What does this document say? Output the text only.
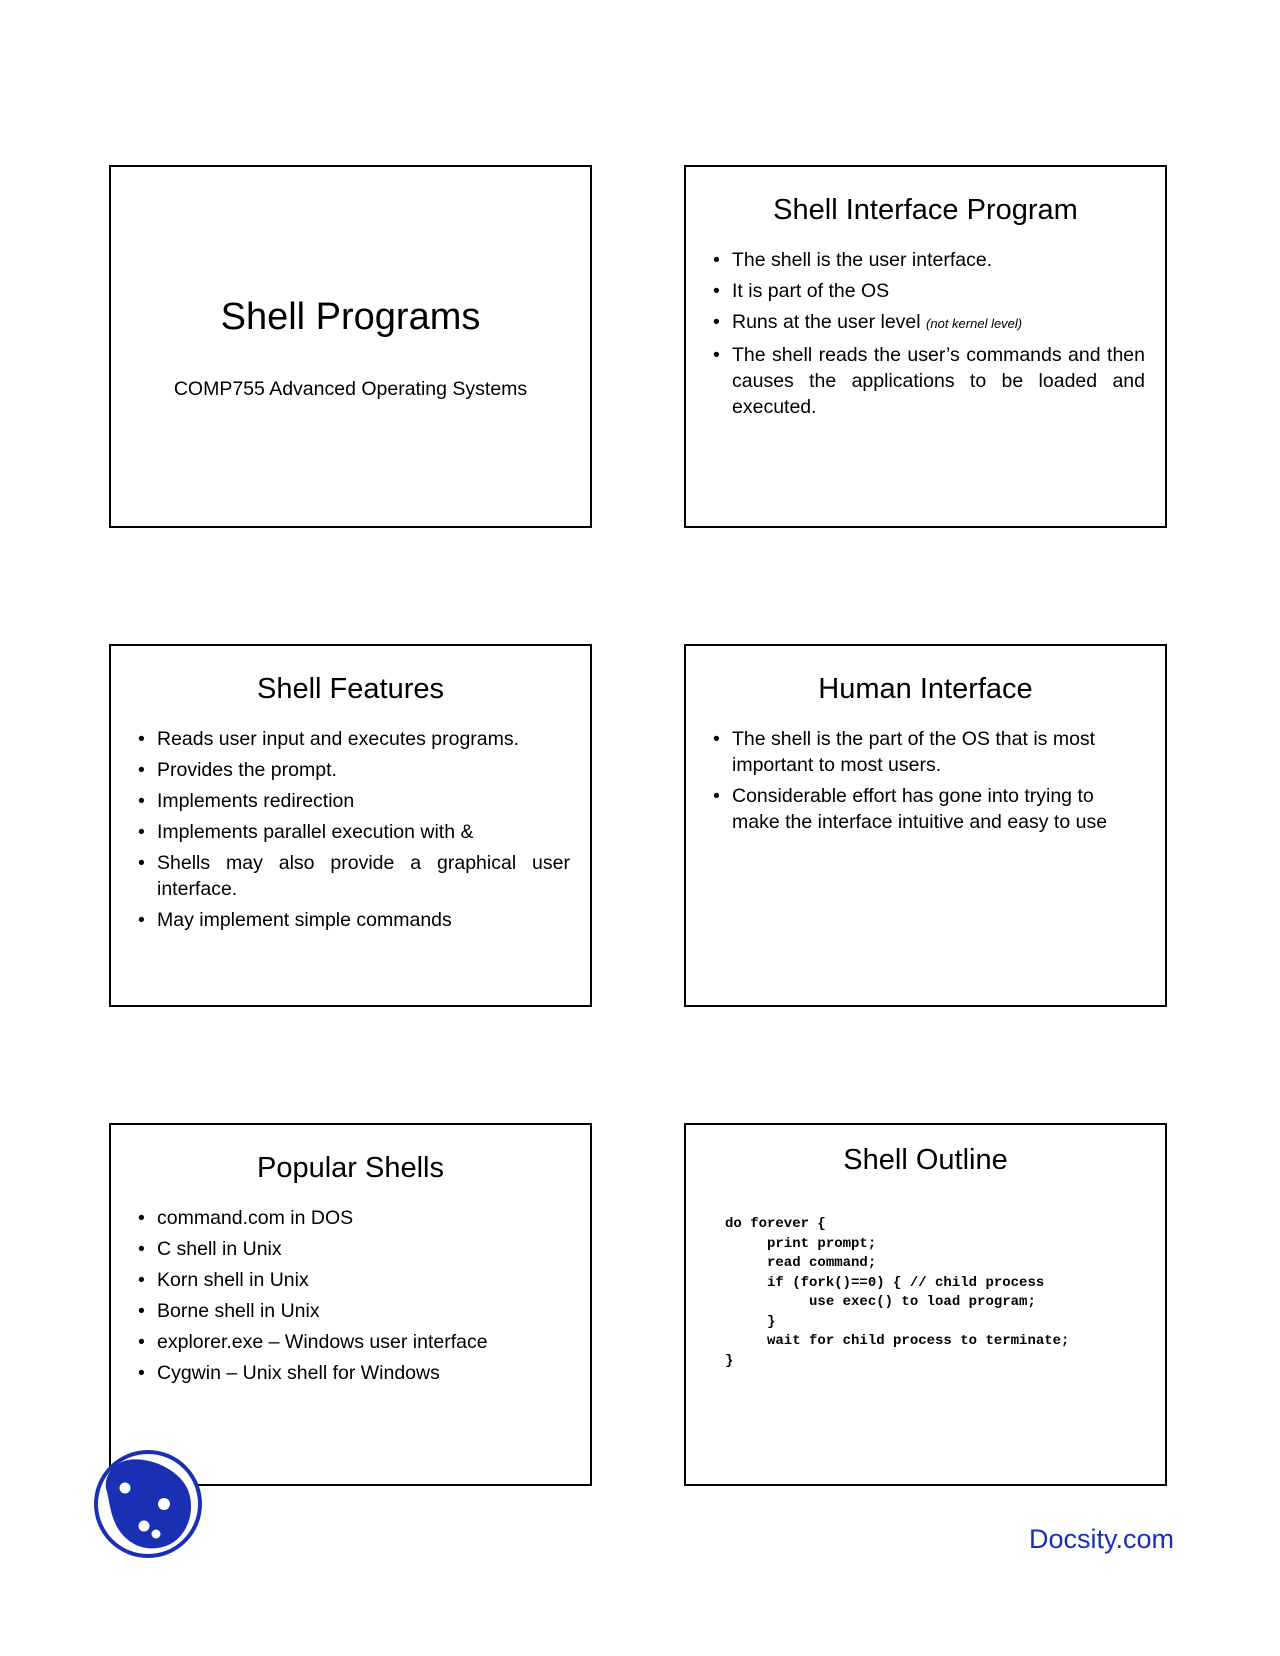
Shell Programs
COMP755 Advanced Operating Systems
Shell Interface Program
• The shell is the user interface.
• It is part of the OS
• Runs at the user level (not kernel level)
• The shell reads the user’s commands and then causes the applications to be loaded and executed.
Shell Features
• Reads user input and executes programs.
• Provides the prompt.
• Implements redirection
• Implements parallel execution with &
• Shells may also provide a graphical user interface.
• May implement simple commands
Human Interface
• The shell is the part of the OS that is most important to most users.
• Considerable effort has gone into trying to make the interface intuitive and easy to use
Popular Shells
• command.com in DOS
• C shell in Unix
• Korn shell in Unix
• Borne shell in Unix
• explorer.exe – Windows user interface
• Cygwin – Unix shell for Windows
Shell Outline
do forever {
print prompt;
read command;
if (fork()==0) { // child process
use exec() to load program;
}
wait for child process to terminate;
}
Docsity.com
